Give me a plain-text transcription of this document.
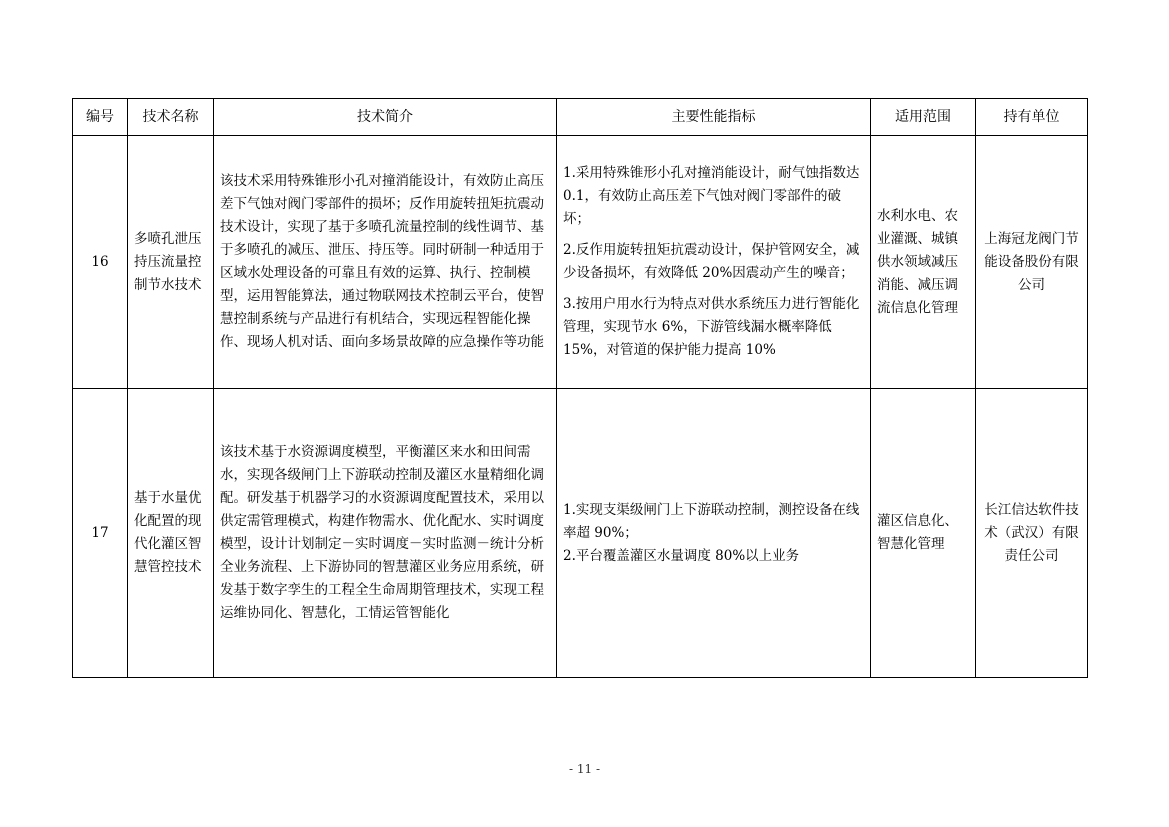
编号	技术名称	技术简介	主要性能指标	适用范围	持有单位
16	多喷孔泄压持压流量控制节水技术	该技术采用特殊锥形小孔对撞消能设计，有效防止高压差下气蚀对阀门零部件的损坏；反作用旋转扭矩抗震动技术设计，实现了基于多喷孔流量控制的线性调节、基于多喷孔的减压、泄压、持压等。同时研制一种适用于区域水处理设备的可靠且有效的运算、执行、控制模型，运用智能算法，通过物联网技术控制云平台，使智慧控制系统与产品进行有机结合，实现远程智能化操作、现场人机对话、面向多场景故障的应急操作等功能	1.采用特殊锥形小孔对撞消能设计，耐气蚀指数达 0.1，有效防止高压差下气蚀对阀门零部件的破坏；
2.反作用旋转扭矩抗震动设计，保护管网安全，减少设备损坏，有效降低 20%因震动产生的噪音；
3.按用户用水行为特点对供水系统压力进行智能化管理，实现节水 6%，下游管线漏水概率降低 15%，对管道的保护能力提高 10%	水利水电、农业灌溉、城镇供水领域减压消能、减压调流信息化管理	上海冠龙阀门节能设备股份有限公司
17	基于水量优化配置的现代化灌区智慧管控技术	该技术基于水资源调度模型，平衡灌区来水和田间需水，实现各级闸门上下游联动控制及灌区水量精细化调配。研发基于机器学习的水资源调度配置技术，采用以供定需管理模式，构建作物需水、优化配水、实时调度模型，设计计划制定－实时调度－实时监测－统计分析全业务流程、上下游协同的智慧灌区业务应用系统，研发基于数字孪生的工程全生命周期管理技术，实现工程运维协同化、智慧化，工情运管智能化	1.实现支渠级闸门上下游联动控制，测控设备在线率超 90%；
2.平台覆盖灌区水量调度 80%以上业务	灌区信息化、智慧化管理	长江信达软件技术（武汉）有限责任公司
- 11 -
